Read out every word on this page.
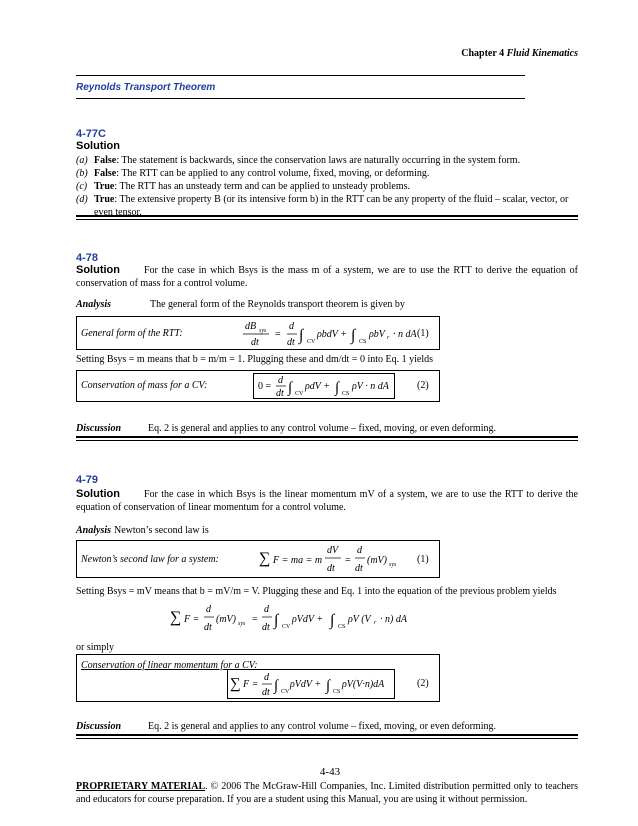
Chapter 4 Fluid Kinematics
Reynolds Transport Theorem
4-77C
Solution
(a) False: The statement is backwards, since the conservation laws are naturally occurring in the system form.
(b) False: The RTT can be applied to any control volume, fixed, moving, or deforming.
(c) True: The RTT has an unsteady term and can be applied to unsteady problems.
(d) True: The extensive property B (or its intensive form b) in the RTT can be any property of the fluid – scalar, vector, or even tensor.
4-78
Solution For the case in which Bsys is the mass m of a system, we are to use the RTT to derive the equation of conservation of mass for a control volume.
Analysis	The general form of the Reynolds transport theorem is given by
General form of the RTT:
dB sys
dt
=
d
dt ∫ CV
ρbdV + ∫ CS
ρbV r · n dA (1)
Setting Bsys = m means that b = m/m = 1. Plugging these and dm/dt = 0 into Eq. 1 yields
Conservation of mass for a CV:	0 =
d
dt ∫ CV
ρdV + ∫ CS
ρV · n dA	(2)
Discussion	Eq. 2 is general and applies to any control volume – fixed, moving, or even deforming.
4-79
Solution For the case in which Bsys is the linear momentum mV of a system, we are to use the RTT to derive the equation of conservation of linear momentum for a control volume.
Analysis Newton’s second law is
Newton’s second law for a system:	∑ F = ma = m
dV
dt
=
d
dt
(mV) sys (1)
Setting Bsys = mV means that b = mV/m = V. Plugging these and Eq. 1 into the equation of the previous problem yields
∑ F =
d
dt
(mV) sys =
d
dt ∫ CV
ρVdV + ∫ CS
ρV (V r · n) dA
or simply
Conservation of linear momentum for a CV:
∑ F =
d
dt ∫ CV
ρVdV + ∫ CS
ρV(V·n)dA	(2)
Discussion	Eq. 2 is general and applies to any control volume – fixed, moving, or even deforming.
4-43
PROPRIETARY MATERIAL. © 2006 The McGraw-Hill Companies, Inc. Limited distribution permitted only to teachers and educators for course preparation. If you are a student using this Manual, you are using it without permission.
